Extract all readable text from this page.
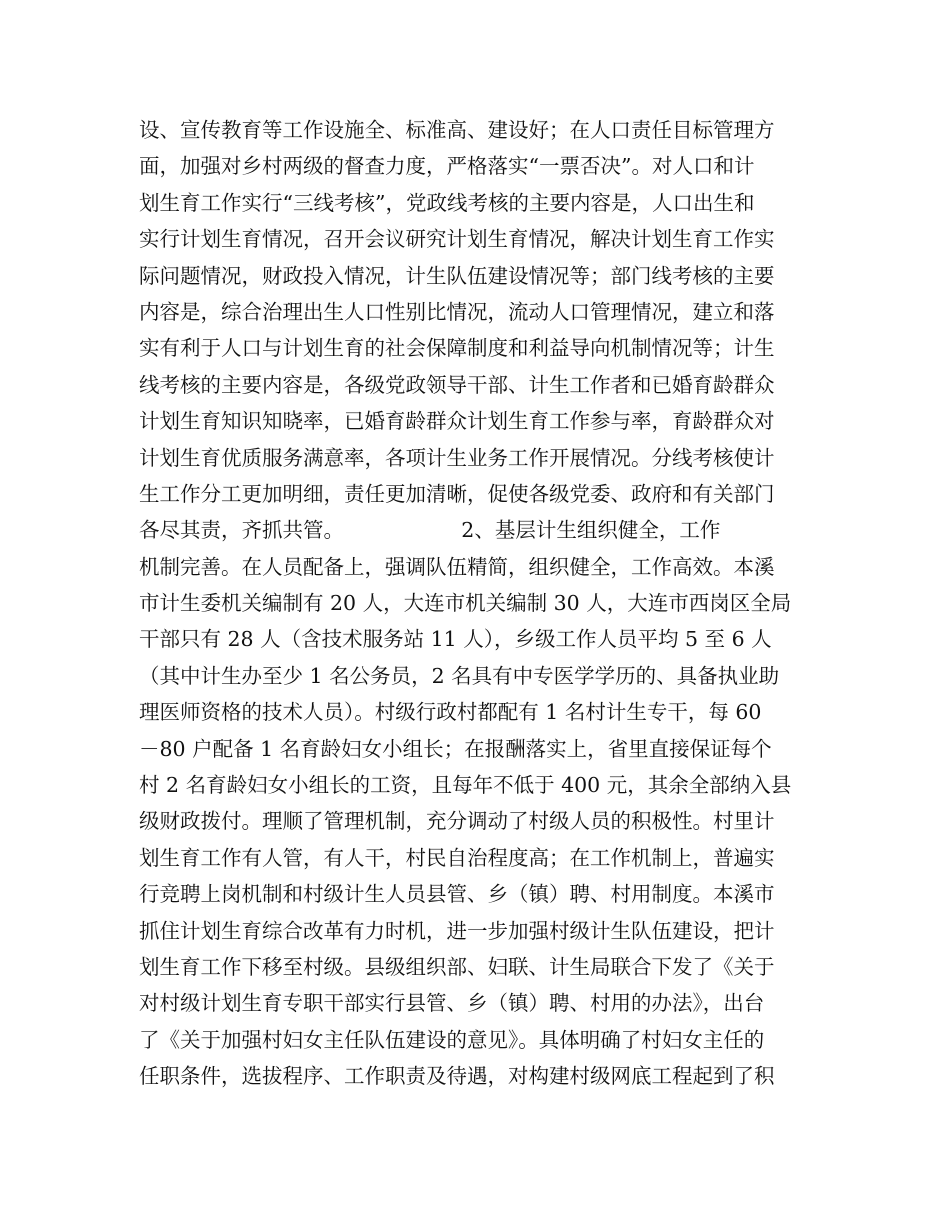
设、宣传教育等工作设施全、标准高、建设好；在人口责任目标管理方
面，加强对乡村两级的督查力度，严格落实“一票否决”。对人口和计
划生育工作实行“三线考核”，党政线考核的主要内容是，人口出生和
实行计划生育情况，召开会议研究计划生育情况，解决计划生育工作实
际问题情况，财政投入情况，计生队伍建设情况等；部门线考核的主要
内容是，综合治理出生人口性别比情况，流动人口管理情况，建立和落
实有利于人口与计划生育的社会保障制度和利益导向机制情况等；计生
线考核的主要内容是，各级党政领导干部、计生工作者和已婚育龄群众
计划生育知识知晓率，已婚育龄群众计划生育工作参与率，育龄群众对
计划生育优质服务满意率，各项计生业务工作开展情况。分线考核使计
生工作分工更加明细，责任更加清晰，促使各级党委、政府和有关部门
各尽其责，齐抓共管。                  2、基层计生组织健全，工作
机制完善。在人员配备上，强调队伍精简，组织健全，工作高效。本溪
市计生委机关编制有 20 人，大连市机关编制 30 人，大连市西岗区全局
干部只有 28 人（含技术服务站 11 人），乡级工作人员平均 5 至 6 人
（其中计生办至少 1 名公务员，2 名具有中专医学学历的、具备执业助
理医师资格的技术人员）。村级行政村都配有 1 名村计生专干，每 60
－80 户配备 1 名育龄妇女小组长；在报酬落实上，省里直接保证每个
村 2 名育龄妇女小组长的工资，且每年不低于 400 元，其余全部纳入县
级财政拨付。理顺了管理机制，充分调动了村级人员的积极性。村里计
划生育工作有人管，有人干，村民自治程度高；在工作机制上，普遍实
行竞聘上岗机制和村级计生人员县管、乡（镇）聘、村用制度。本溪市
抓住计划生育综合改革有力时机，进一步加强村级计生队伍建设，把计
划生育工作下移至村级。县级组织部、妇联、计生局联合下发了《关于
对村级计划生育专职干部实行县管、乡（镇）聘、村用的办法》，出台
了《关于加强村妇女主任队伍建设的意见》。具体明确了村妇女主任的
任职条件，选拔程序、工作职责及待遇，对构建村级网底工程起到了积
